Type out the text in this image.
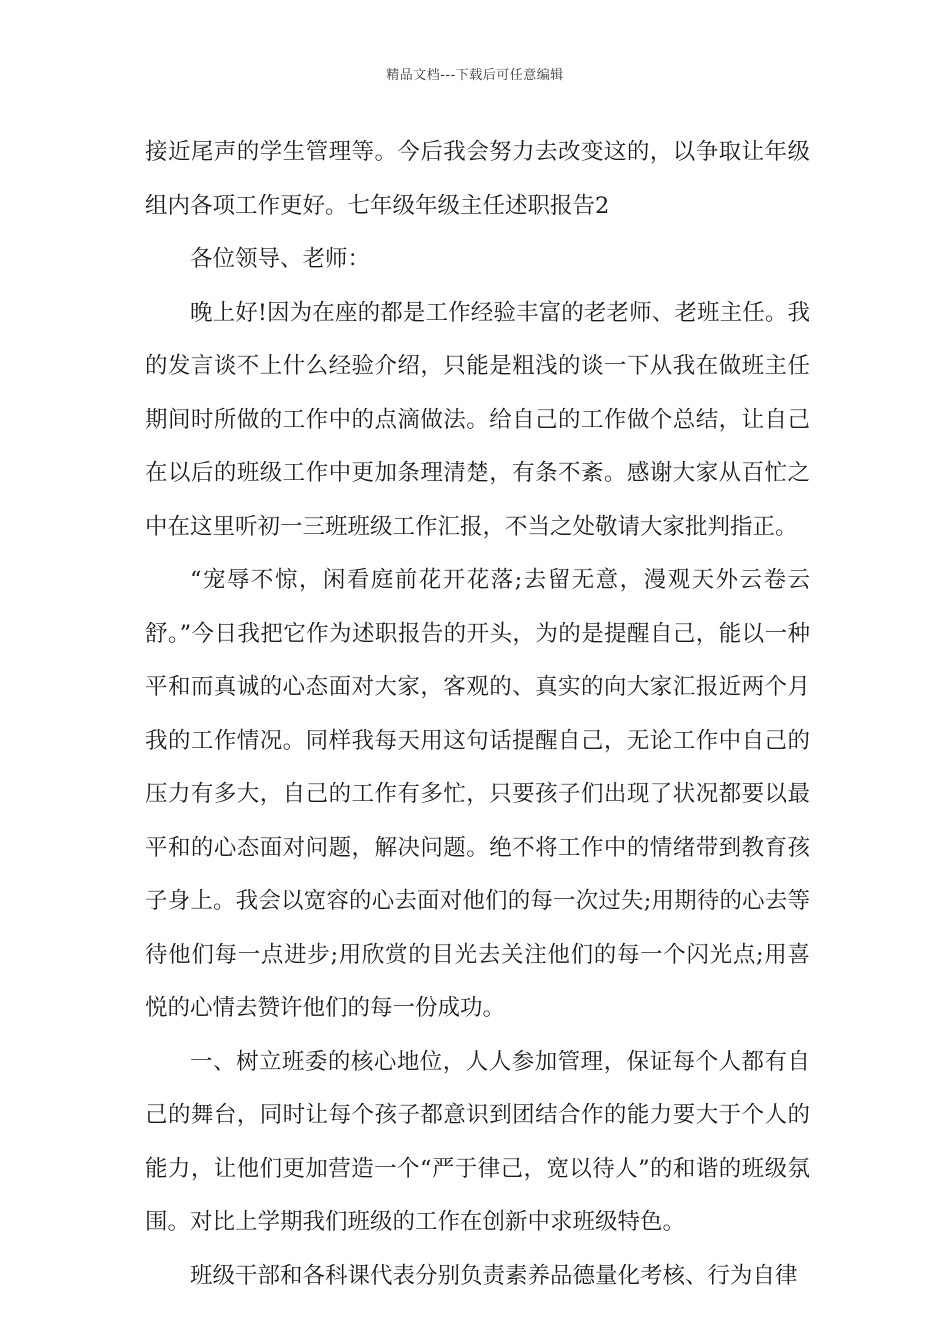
精品文档---下载后可任意编辑

接近尾声的学生管理等。今后我会努力去改变这的，以争取让年级组内各项工作更好。七年级年级主任述职报告2

各位领导、老师：

晚上好!因为在座的都是工作经验丰富的老老师、老班主任。我的发言谈不上什么经验介绍，只能是粗浅的谈一下从我在做班主任期间时所做的工作中的点滴做法。给自己的工作做个总结，让自己在以后的班级工作中更加条理清楚，有条不紊。感谢大家从百忙之中在这里听初一三班班级工作汇报，不当之处敬请大家批判指正。

“宠辱不惊，闲看庭前花开花落;去留无意，漫观天外云卷云舒。”今日我把它作为述职报告的开头，为的是提醒自己，能以一种平和而真诚的心态面对大家，客观的、真实的向大家汇报近两个月我的工作情况。同样我每天用这句话提醒自己，无论工作中自己的压力有多大，自己的工作有多忙，只要孩子们出现了状况都要以最平和的心态面对问题，解决问题。绝不将工作中的情绪带到教育孩子身上。我会以宽容的心去面对他们的每一次过失;用期待的心去等待他们每一点进步;用欣赏的目光去关注他们的每一个闪光点;用喜悦的心情去赞许他们的每一份成功。

一、树立班委的核心地位，人人参加管理，保证每个人都有自己的舞台，同时让每个孩子都意识到团结合作的能力要大于个人的能力，让他们更加营造一个“严于律己，宽以待人”的和谐的班级氛围。对比上学期我们班级的工作在创新中求班级特色。

班级干部和各科课代表分别负责素养品德量化考核、行为自律
